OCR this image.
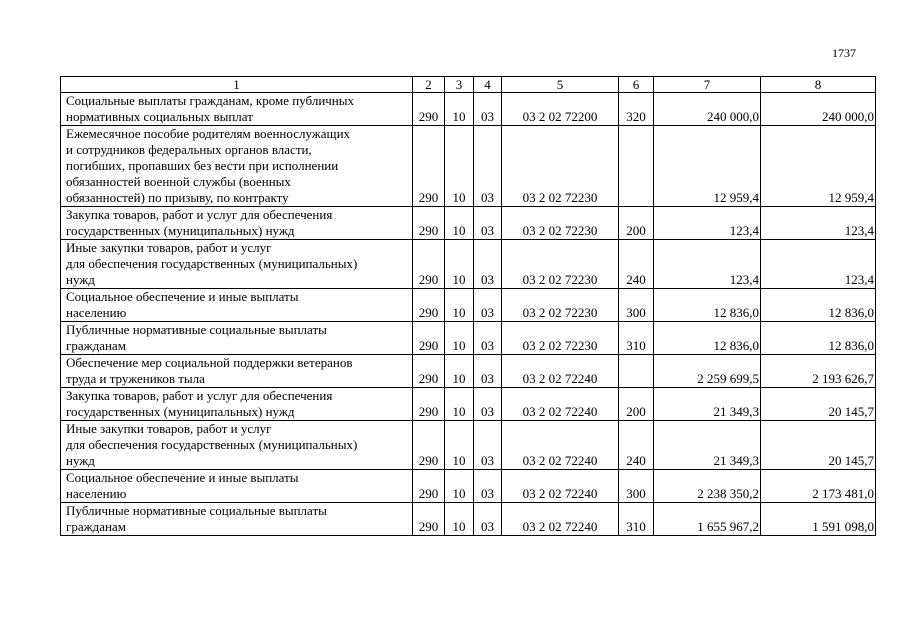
1737
1	2	3	4	5	6	7	8
Социальные выплаты гражданам, кроме публичных
нормативных социальных выплат	290	10	03	03 2 02 72200	320	240 000,0	240 000,0
Ежемесячное пособие родителям военнослужащих
и сотрудников федеральных органов власти,
погибших, пропавших без вести при исполнении
обязанностей военной службы (военных
обязанностей) по призыву, по контракту	290	10	03	03 2 02 72230		12 959,4	12 959,4
Закупка товаров, работ и услуг для обеспечения
государственных (муниципальных) нужд	290	10	03	03 2 02 72230	200	123,4	123,4
Иные закупки товаров, работ и услуг
для обеспечения государственных (муниципальных)
нужд	290	10	03	03 2 02 72230	240	123,4	123,4
Социальное обеспечение и иные выплаты
населению	290	10	03	03 2 02 72230	300	12 836,0	12 836,0
Публичные нормативные социальные выплаты
гражданам	290	10	03	03 2 02 72230	310	12 836,0	12 836,0
Обеспечение мер социальной поддержки ветеранов
труда и тружеников тыла	290	10	03	03 2 02 72240		2 259 699,5	2 193 626,7
Закупка товаров, работ и услуг для обеспечения
государственных (муниципальных) нужд	290	10	03	03 2 02 72240	200	21 349,3	20 145,7
Иные закупки товаров, работ и услуг
для обеспечения государственных (муниципальных)
нужд	290	10	03	03 2 02 72240	240	21 349,3	20 145,7
Социальное обеспечение и иные выплаты
населению	290	10	03	03 2 02 72240	300	2 238 350,2	2 173 481,0
Публичные нормативные социальные выплаты
гражданам	290	10	03	03 2 02 72240	310	1 655 967,2	1 591 098,0
